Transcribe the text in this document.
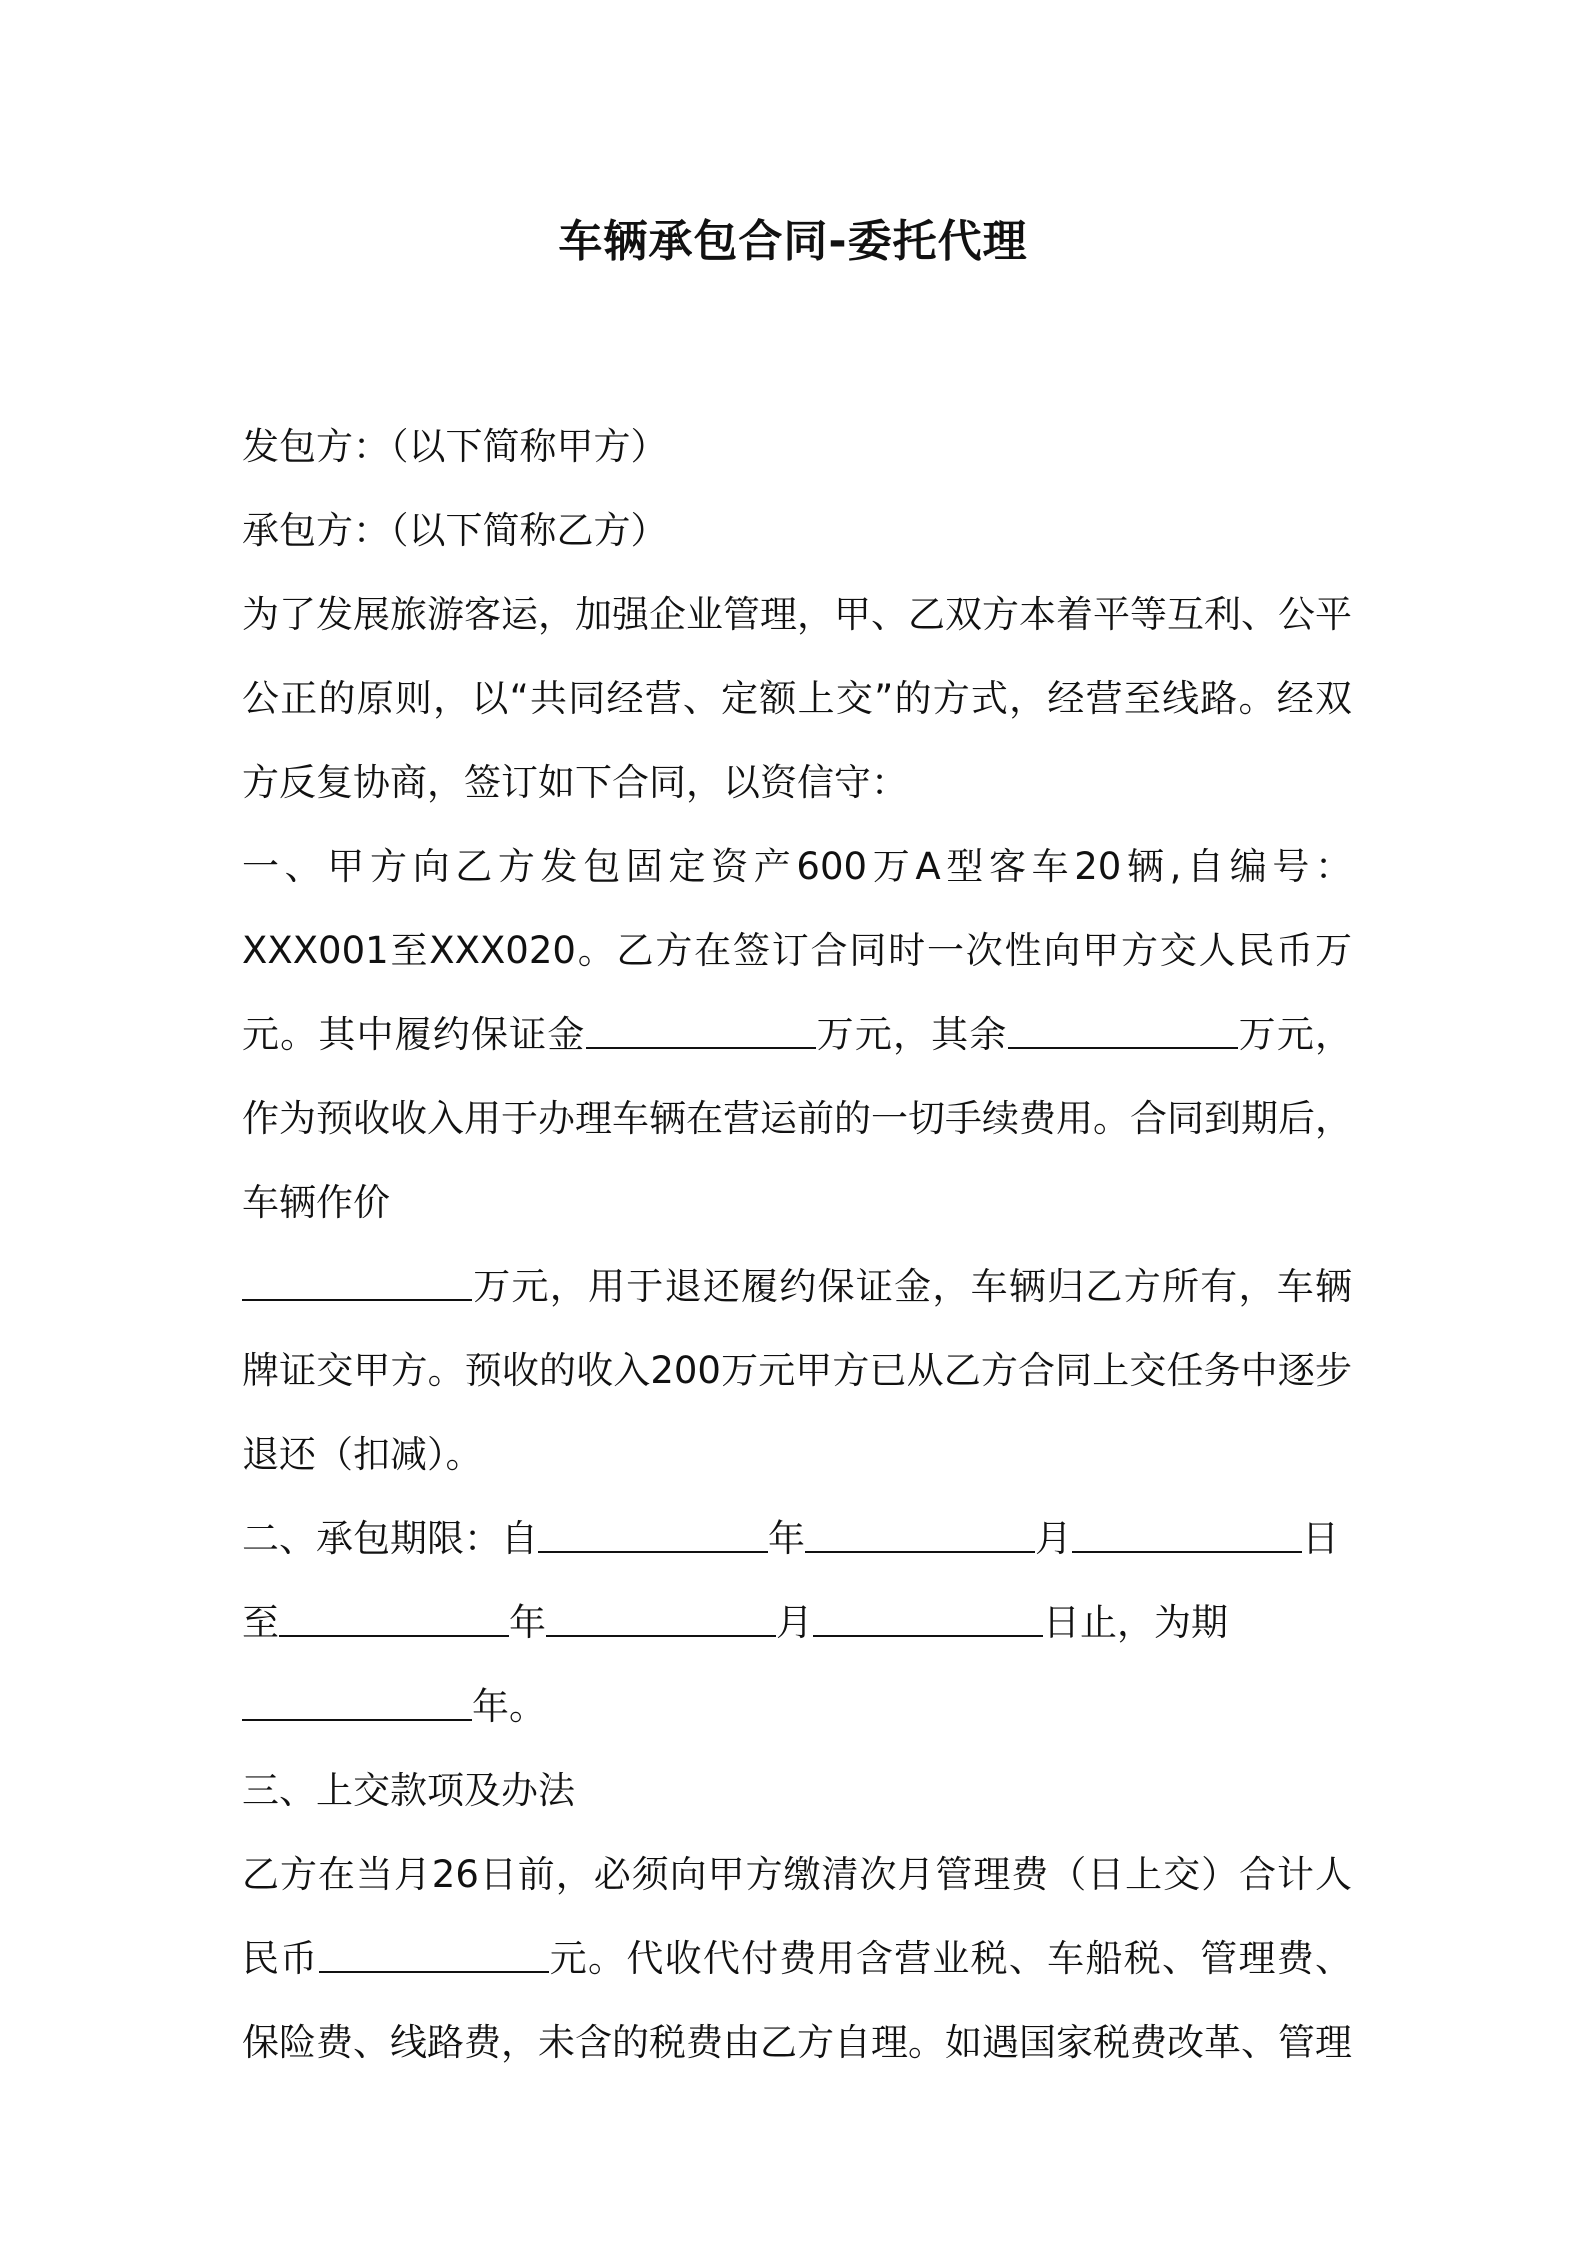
车辆承包合同-委托代理

发包方：（以下简称甲方）

承包方：（以下简称乙方）

为了发展旅游客运，加强企业管理，甲、乙双方本着平等互利、公平公正的原则，以“共同经营、定额上交”的方式，经营至线路。经双方反复协商，签订如下合同，以资信守：

一、甲方向乙方发包固定资产600万A型客车20辆,自编号：XXX001至XXX020。乙方在签订合同时一次性向甲方交人民币万元。其中履约保证金	万元，其余	万元，作为预收收入用于办理车辆在营运前的一切手续费用。合同到期后，车辆作价
万元，用于退还履约保证金，车辆归乙方所有，车辆牌证交甲方。预收的收入200万元甲方已从乙方合同上交任务中逐步退还（扣减）。

二、承包期限：自	年	月	日
至	年	月	日止，为期
年。

三、上交款项及办法

乙方在当月26日前，必须向甲方缴清次月管理费（日上交）合计人民币	元。代收代付费用含营业税、车船税、管理费、保险费、线路费，未含的税费由乙方自理。如遇国家税费改革、管理
